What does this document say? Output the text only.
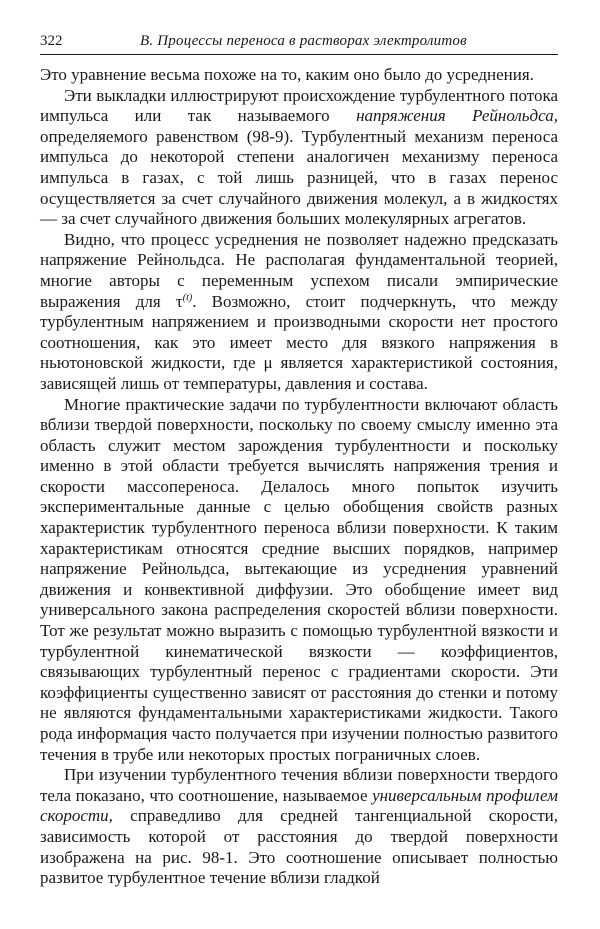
322	В. Процессы переноса в растворах электролитов

Это уравнение весьма похоже на то, каким оно было до усреднения.

Эти выкладки иллюстрируют происхождение турбулентного потока импульса или так называемого напряжения Рейнольдса, определяемого равенством (98-9). Турбулентный механизм переноса импульса до некоторой степени аналогичен механизму переноса импульса в газах, с той лишь разницей, что в газах перенос осуществляется за счет случайного движения молекул, а в жидкостях — за счет случайного движения больших молекулярных агрегатов.

Видно, что процесс усреднения не позволяет надежно предсказать напряжение Рейнольдса. Не располагая фундаментальной теорией, многие авторы с переменным успехом писали эмпирические выражения для $\tau^{(t)}$. Возможно, стоит подчеркнуть, что между турбулентным напряжением и производными скорости нет простого соотношения, как это имеет место для вязкого напряжения в ньютоновской жидкости, где μ является характеристикой состояния, зависящей лишь от температуры, давления и состава.

Многие практические задачи по турбулентности включают область вблизи твердой поверхности, поскольку по своему смыслу именно эта область служит местом зарождения турбулентности и поскольку именно в этой области требуется вычислять напряжения трения и скорости массопереноса. Делалось много попыток изучить экспериментальные данные с целью обобщения свойств разных характеристик турбулентного переноса вблизи поверхности. К таким характеристикам относятся средние высших порядков, например напряжение Рейнольдса, вытекающие из усреднения уравнений движения и конвективной диффузии. Это обобщение имеет вид универсального закона распределения скоростей вблизи поверхности. Тот же результат можно выразить с помощью турбулентной вязкости и турбулентной кинематической вязкости — коэффициентов, связывающих турбулентный перенос с градиентами скорости. Эти коэффициенты существенно зависят от расстояния до стенки и потому не являются фундаментальными характеристиками жидкости. Такого рода информация часто получается при изучении полностью развитого течения в трубе или некоторых простых пограничных слоев.

При изучении турбулентного течения вблизи поверхности твердого тела показано, что соотношение, называемое универсальным профилем скорости, справедливо для средней тангенциальной скорости, зависимость которой от расстояния до твердой поверхности изображена на рис. 98-1. Это соотношение описывает полностью развитое турбулентное течение вблизи гладкой
